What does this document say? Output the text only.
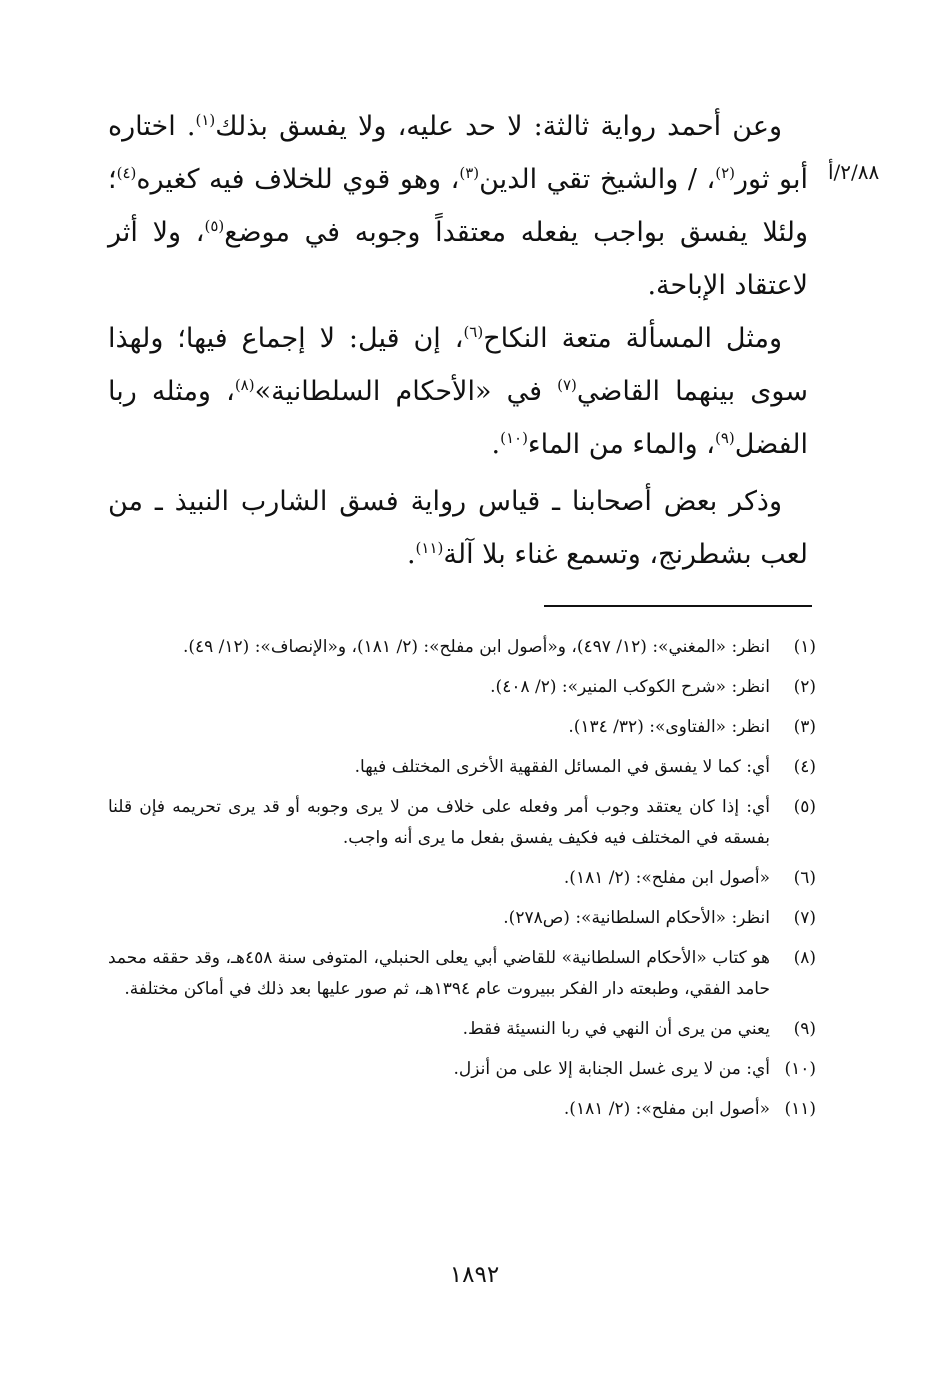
٢/٨٨/أ

وعن أحمد رواية ثالثة: لا حد عليه، ولا يفسق بذلك$^{(١)}$. اختاره أبو ثور$^{(٢)}$، / والشيخ تقي الدين$^{(٣)}$، وهو قوي للخلاف فيه كغيره$^{(٤)}$؛ ولئلا يفسق بواجب يفعله معتقداً وجوبه في موضع$^{(٥)}$، ولا أثر لاعتقاد الإباحة.

ومثل المسألة متعة النكاح$^{(٦)}$، إن قيل: لا إجماع فيها؛ ولهذا سوى بينهما القاضي$^{(٧)}$ في «الأحكام السلطانية»$^{(٨)}$، ومثله ربا الفضل$^{(٩)}$، والماء من الماء$^{(١٠)}$.

وذكر بعض أصحابنا ـ قياس رواية فسق الشارب النبيذ ـ من لعب بشطرنج، وتسمع غناء بلا آلة$^{(١١)}$.

(١)
انظر: «المغني»: (١٢/ ٤٩٧)، و«أصول ابن مفلح»: (٢/ ١٨١)، و«الإنصاف»: (١٢/ ٤٩).
(٢)
انظر: «شرح الكوكب المنير»: (٢/ ٤٠٨).
(٣)
انظر: «الفتاوى»: (٣٢/ ١٣٤).
(٤)
أي: كما لا يفسق في المسائل الفقهية الأخرى المختلف فيها.
(٥)
أي: إذا كان يعتقد وجوب أمر وفعله على خلاف من لا يرى وجوبه أو قد يرى تحريمه فإن قلنا بفسقه في المختلف فيه فكيف يفسق بفعل ما يرى أنه واجب.
(٦)
«أصول ابن مفلح»: (٢/ ١٨١).
(٧)
انظر: «الأحكام السلطانية»: (ص٢٧٨).
(٨)
هو كتاب «الأحكام السلطانية» للقاضي أبي يعلى الحنبلي، المتوفى سنة ٤٥٨هـ، وقد حققه محمد حامد الفقي، وطبعته دار الفكر ببيروت عام ١٣٩٤هـ، ثم صور عليها بعد ذلك في أماكن مختلفة.
(٩)
يعني من يرى أن النهي في ربا النسيئة فقط.
(١٠)
أي: من لا يرى غسل الجنابة إلا على من أنزل.
(١١)
«أصول ابن مفلح»: (٢/ ١٨١).
١٨٩٢
